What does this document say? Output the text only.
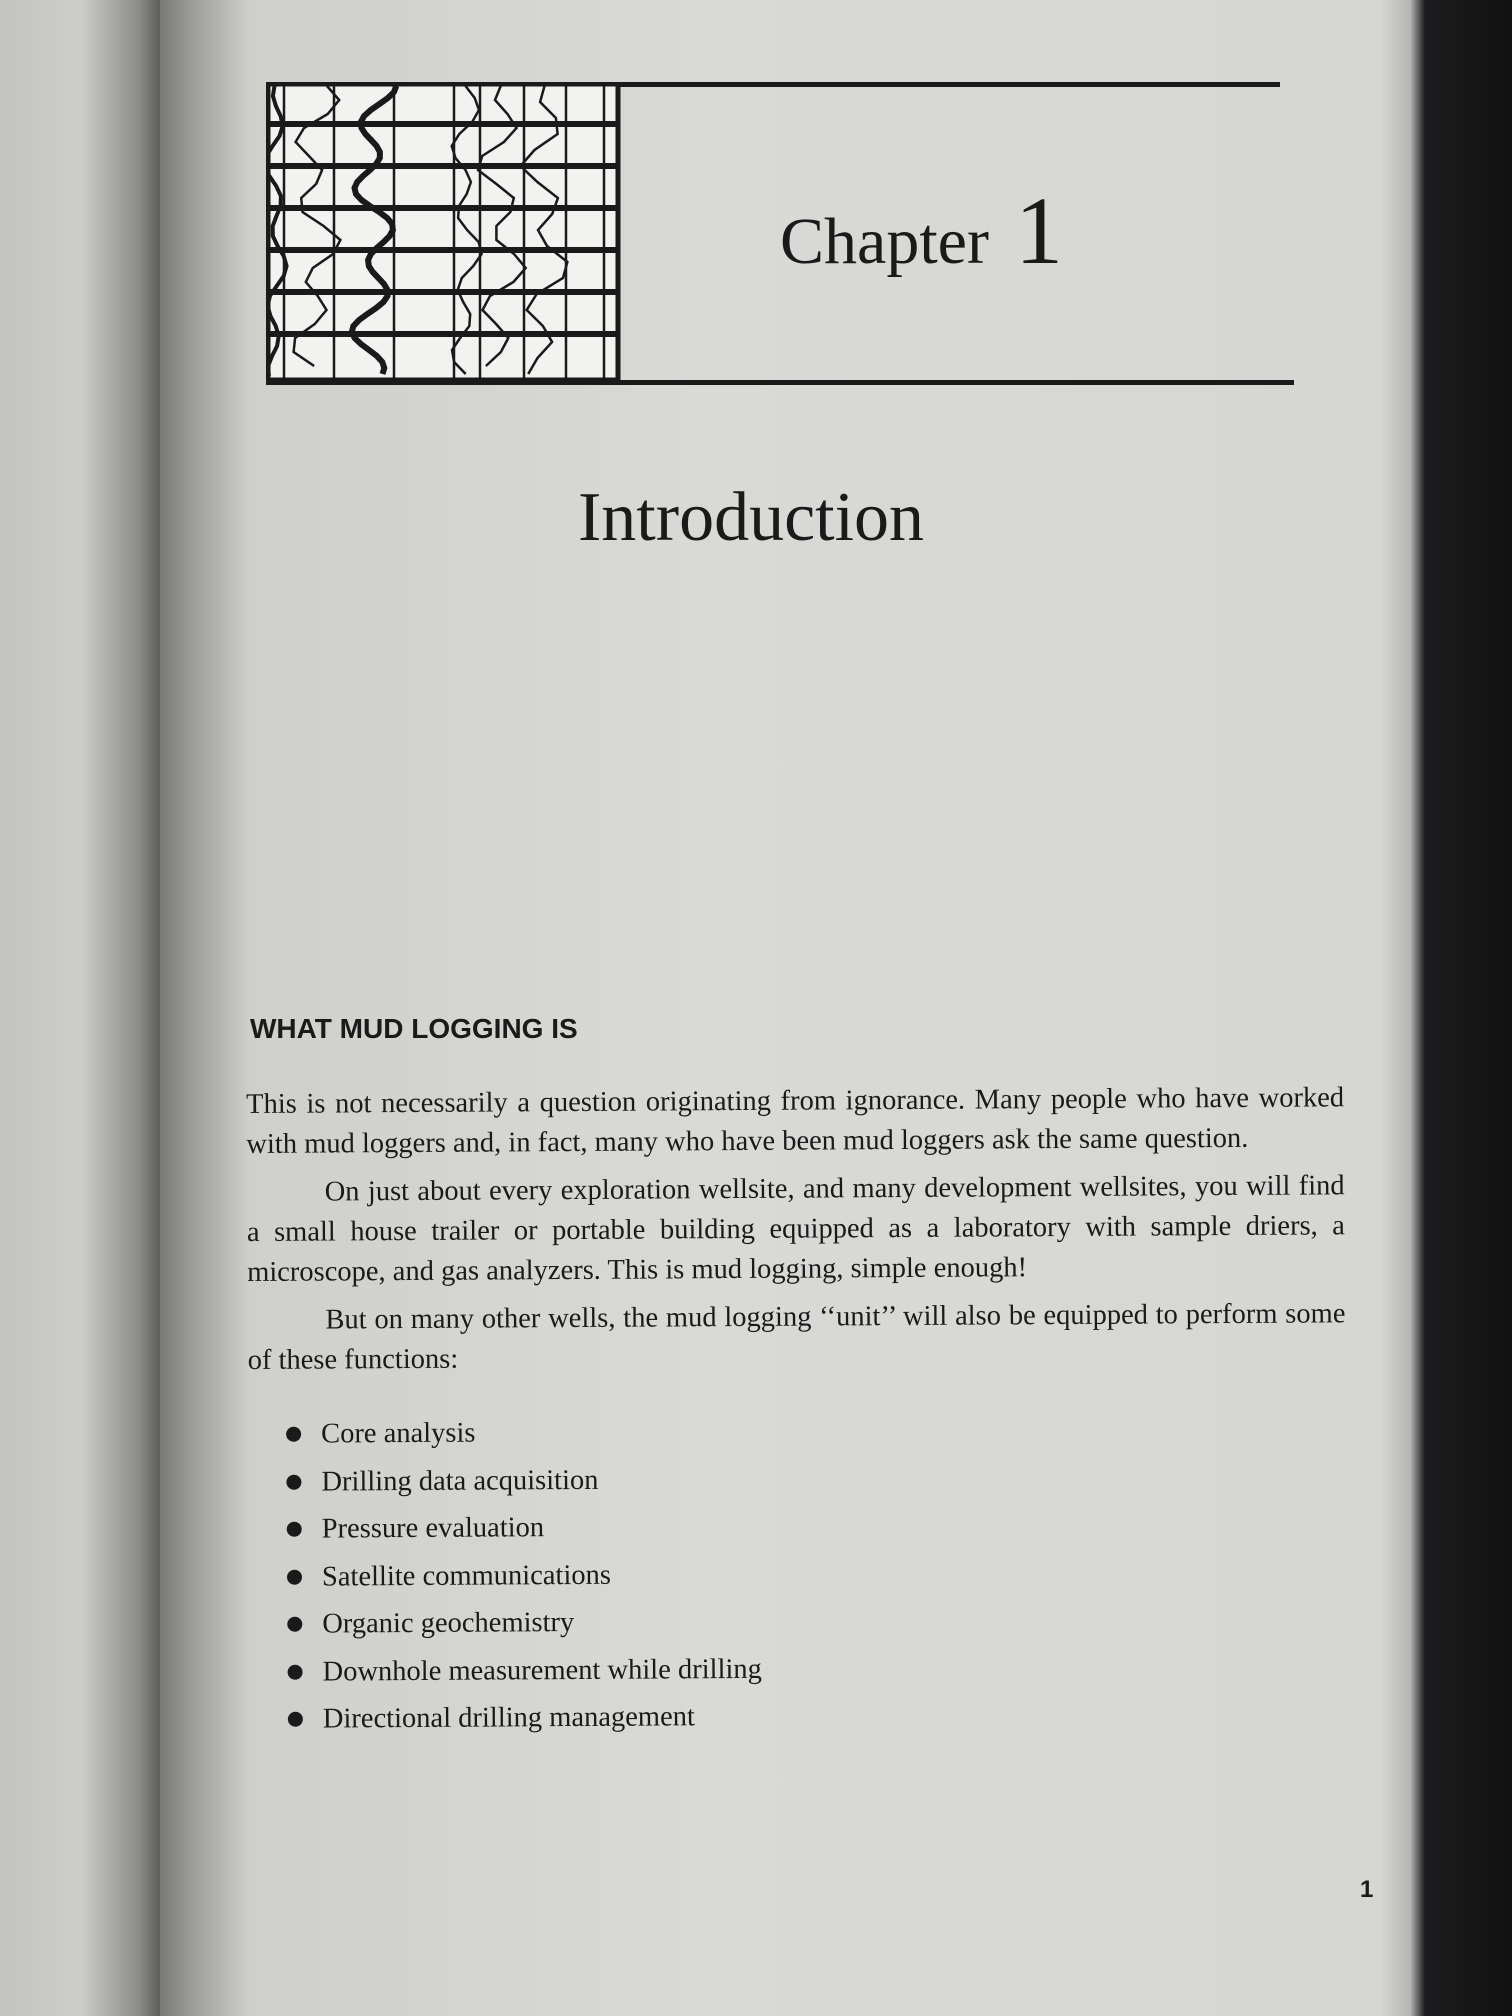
Chapter 1
Introduction
WHAT MUD LOGGING IS

This is not necessarily a question originating from ignorance. Many people who have worked with mud loggers and, in fact, many who have been mud loggers ask the same question.

On just about every exploration wellsite, and many development wellsites, you will find a small house trailer or portable building equipped as a laboratory with sample driers, a microscope, and gas analyzers. This is mud logging, simple enough!

But on many other wells, the mud logging ‘‘unit’’ will also be equipped to perform some of these functions:

Core analysis
Drilling data acquisition
Pressure evaluation
Satellite communications
Organic geochemistry
Downhole measurement while drilling
Directional drilling management
1
